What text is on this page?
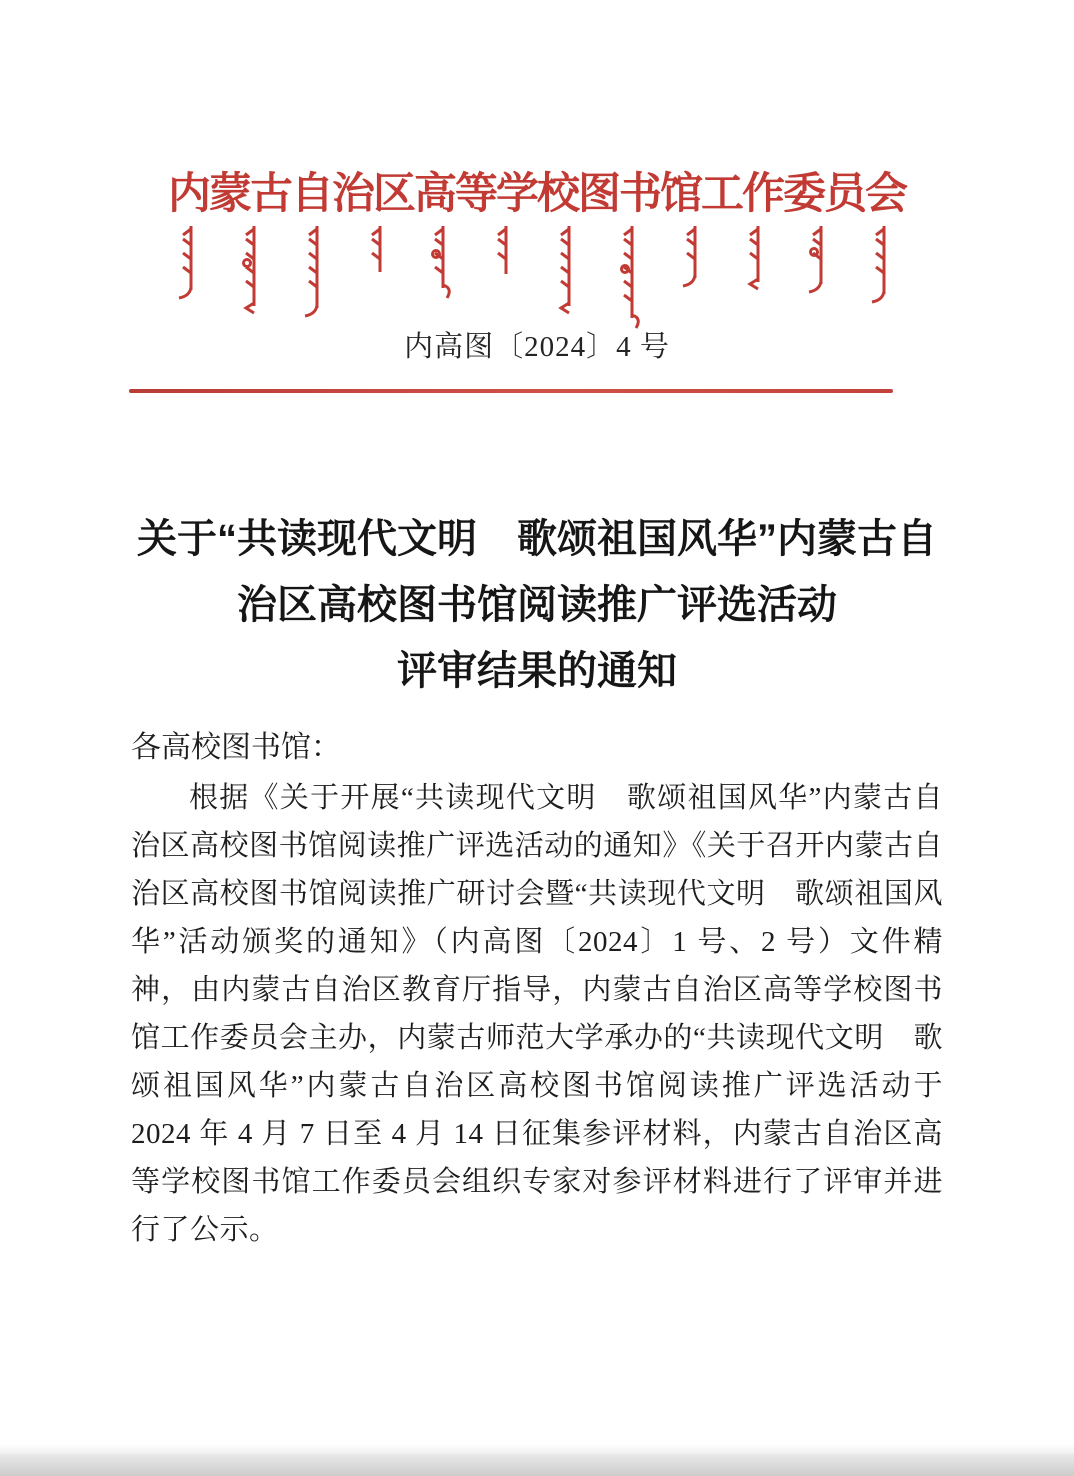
内蒙古自治区高等学校图书馆工作委员会
内高图〔2024〕4 号
关于“共读现代文明　歌颂祖国风华”内蒙古自
治区高校图书馆阅读推广评选活动
评审结果的通知
各高校图书馆：
根据《关于开展“共读现代文明　歌颂祖国风华”内蒙古自治区高校图书馆阅读推广评选活动的通知》《关于召开内蒙古自治区高校图书馆阅读推广研讨会暨“共读现代文明　歌颂祖国风华”活动颁奖的通知》（内高图〔2024〕1 号、2 号）文件精神，由内蒙古自治区教育厅指导，内蒙古自治区高等学校图书馆工作委员会主办，内蒙古师范大学承办的“共读现代文明　歌颂祖国风华”内蒙古自治区高校图书馆阅读推广评选活动于 2024 年 4 月 7 日至 4 月 14 日征集参评材料，内蒙古自治区高等学校图书馆工作委员会组织专家对参评材料进行了评审并进行了公示。
